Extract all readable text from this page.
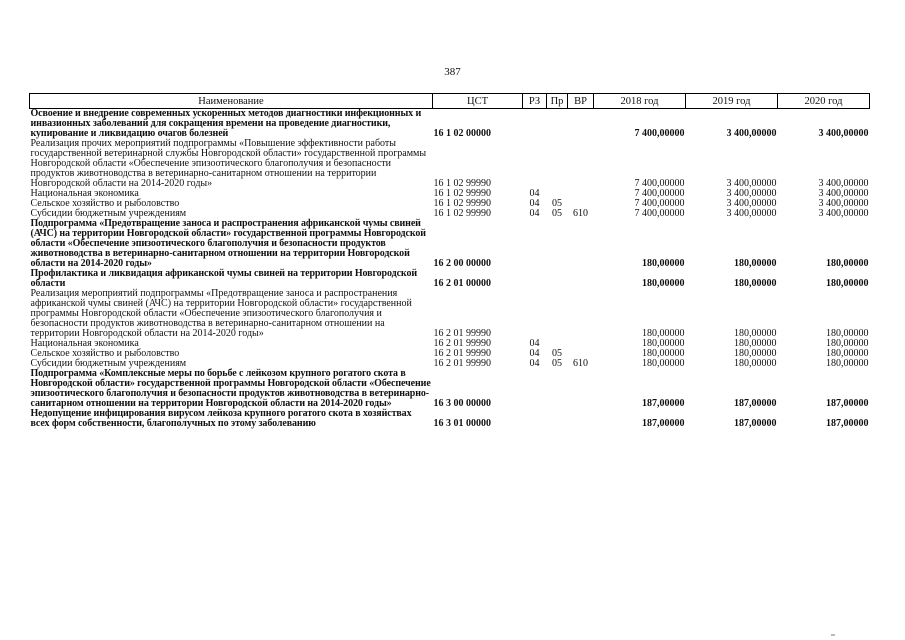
387
Наименование	ЦСТ	РЗ	Пр	ВР	2018 год	2019 год	2020 год
Освоение и внедрение современных ускоренных методов диагностики инфекционных и инвазионных заболеваний для сокращения времени на проведение диагностики, купирование и ликвидацию очагов болезней	16 1 02 00000				7 400,00000	3 400,00000	3 400,00000
Реализация прочих мероприятий подпрограммы «Повышение эффективности работы государственной ветеринарной службы Новгородской области» государственной программы Новгородской области «Обеспечение эпизоотического благополучия и безопасности продуктов животноводства в ветеринарно-санитарном отношении на территории Новгородской области на 2014-2020 годы»	16 1 02 99990				7 400,00000	3 400,00000	3 400,00000
Национальная экономика	16 1 02 99990	04			7 400,00000	3 400,00000	3 400,00000
Сельское хозяйство и рыболовство	16 1 02 99990	04	05		7 400,00000	3 400,00000	3 400,00000
Субсидии бюджетным учреждениям	16 1 02 99990	04	05	610	7 400,00000	3 400,00000	3 400,00000
Подпрограмма «Предотвращение заноса и распространения африканской чумы свиней (АЧС) на территории Новгородской области» государственной программы Новгородской области «Обеспечение эпизоотического благополучия и безопасности продуктов животноводства в ветеринарно-санитарном отношении на территории Новгородской области на 2014-2020 годы»	16 2 00 00000				180,00000	180,00000	180,00000
Профилактика и ликвидация африканской чумы свиней на территории Новгородской области	16 2 01 00000				180,00000	180,00000	180,00000
Реализация мероприятий подпрограммы «Предотвращение заноса и распространения африканской чумы свиней (АЧС) на территории Новгородской области» государственной программы Новгородской области «Обеспечение эпизоотического благополучия и безопасности продуктов животноводства в ветеринарно-санитарном отношении на территории Новгородской области на 2014-2020 годы»	16 2 01 99990				180,00000	180,00000	180,00000
Национальная экономика	16 2 01 99990	04			180,00000	180,00000	180,00000
Сельское хозяйство и рыболовство	16 2 01 99990	04	05		180,00000	180,00000	180,00000
Субсидии бюджетным учреждениям	16 2 01 99990	04	05	610	180,00000	180,00000	180,00000
Подпрограмма «Комплексные меры по борьбе с лейкозом крупного рогатого скота в Новгородской области» государственной программы Новгородской области «Обеспечение эпизоотического благополучия и безопасности продуктов животноводства в ветеринарно-санитарном отношении на территории Новгородской области на 2014-2020 годы»	16 3 00 00000				187,00000	187,00000	187,00000
Недопущение инфицирования вирусом лейкоза крупного рогатого скота в хозяйствах всех форм собственности, благополучных по этому заболеванию	16 3 01 00000				187,00000	187,00000	187,00000
